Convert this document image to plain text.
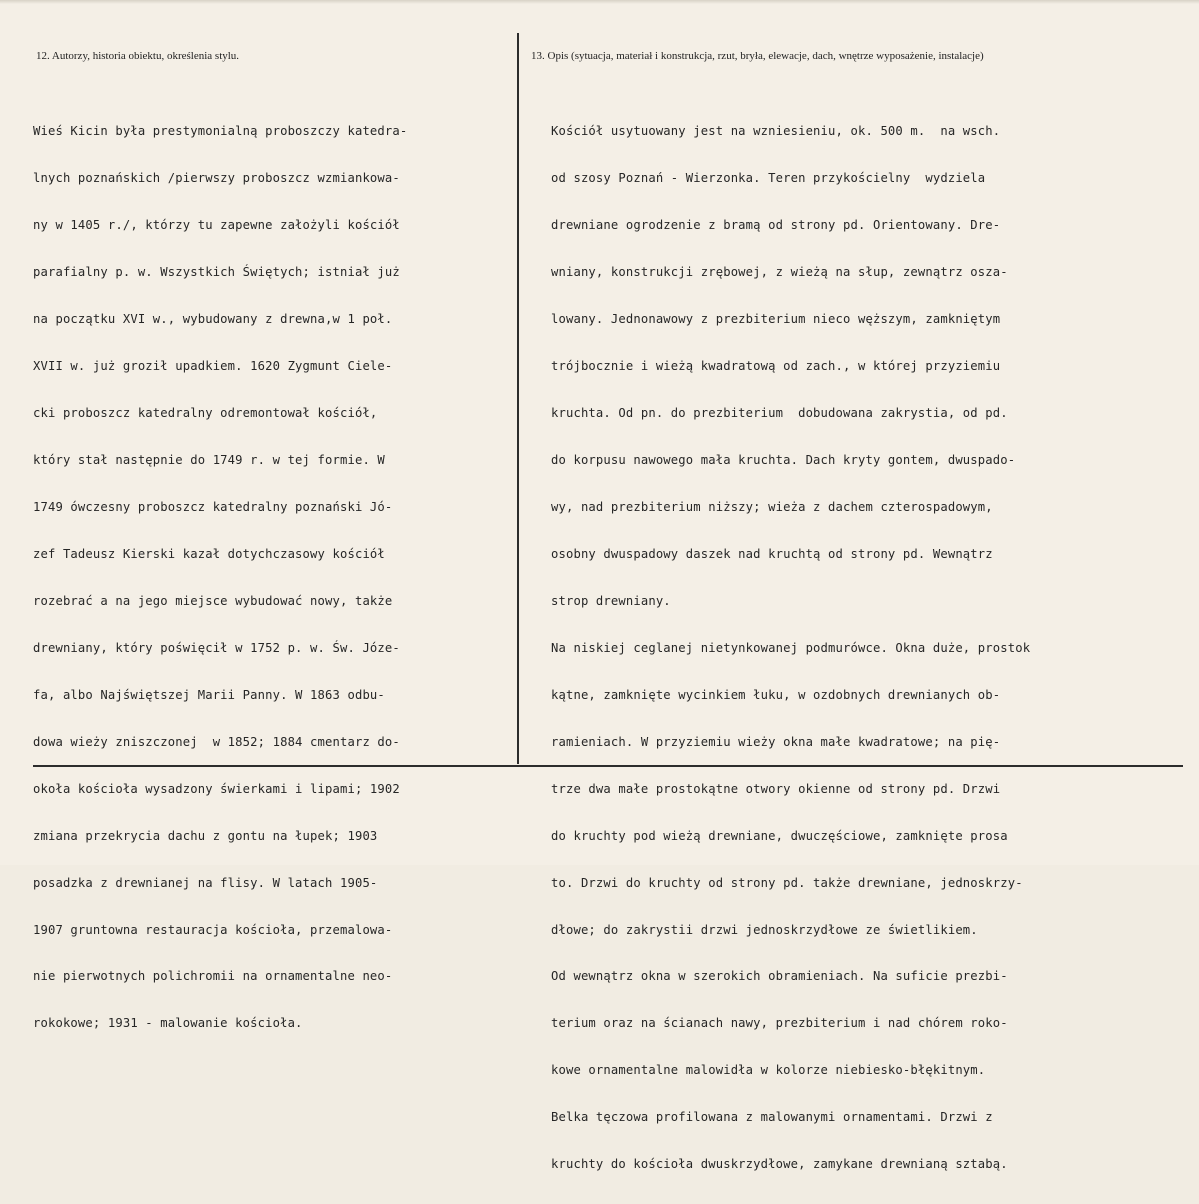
12. Autorzy, historia obiektu, określenia stylu.	13. Opis (sytuacja, materiał i konstrukcja, rzut, bryła, elewacje, dach, wnętrze wyposażenie, instalacje)

Wieś Kicin była prestymonialną proboszczy katedra-

lnych poznańskich /pierwszy proboszcz wzmiankowa-

ny w 1405 r./, którzy tu zapewne założyli kościół

parafialny p. w. Wszystkich Świętych; istniał już

na początku XVI w., wybudowany z drewna,w 1 poł.

XVII w. już groził upadkiem. 1620 Zygmunt Ciele-

cki proboszcz katedralny odremontował kościół,

który stał następnie do 1749 r. w tej formie. W

1749 ówczesny proboszcz katedralny poznański Jó-

zef Tadeusz Kierski kazał dotychczasowy kościół

rozebrać a na jego miejsce wybudować nowy, także

drewniany, który poświęcił w 1752 p. w. Św. Józe-

fa, albo Najświętszej Marii Panny. W 1863 odbu-

dowa wieży zniszczonej  w 1852; 1884 cmentarz do-

okoła kościoła wysadzony świerkami i lipami; 1902

zmiana przekrycia dachu z gontu na łupek; 1903

posadzka z drewnianej na flisy. W latach 1905-

1907 gruntowna restauracja kościoła, przemalowa-

nie pierwotnych polichromii na ornamentalne neo-

rokokowe; 1931 - malowanie kościoła.

Kościół usytuowany jest na wzniesieniu, ok. 500 m.  na wsch.

od szosy Poznań - Wierzonka. Teren przykościelny  wydziela

drewniane ogrodzenie z bramą od strony pd. Orientowany. Dre-

wniany, konstrukcji zrębowej, z wieżą na słup, zewnątrz osza-

lowany. Jednonawowy z prezbiterium nieco węższym, zamkniętym

trójbocznie i wieżą kwadratową od zach., w której przyziemiu

kruchta. Od pn. do prezbiterium  dobudowana zakrystia, od pd.

do korpusu nawowego mała kruchta. Dach kryty gontem, dwuspado-

wy, nad prezbiterium niższy; wieża z dachem czterospadowym,

osobny dwuspadowy daszek nad kruchtą od strony pd. Wewnątrz

strop drewniany.

Na niskiej ceglanej nietynkowanej podmurówce. Okna duże, prostok

kątne, zamknięte wycinkiem łuku, w ozdobnych drewnianych ob-

ramieniach. W przyziemiu wieży okna małe kwadratowe; na pię-

trze dwa małe prostokątne otwory okienne od strony pd. Drzwi

do kruchty pod wieżą drewniane, dwuczęściowe, zamknięte prosa

to. Drzwi do kruchty od strony pd. także drewniane, jednoskrzy-

dłowe; do zakrystii drzwi jednoskrzydłowe ze świetlikiem.

Od wewnątrz okna w szerokich obramieniach. Na suficie prezbi-

terium oraz na ścianach nawy, prezbiterium i nad chórem roko-

kowe ornamentalne malowidła w kolorze niebiesko-błękitnym.

Belka tęczowa profilowana z malowanymi ornamentami. Drzwi z

kruchty do kościoła dwuskrzydłowe, zamykane drewnianą sztabą.
